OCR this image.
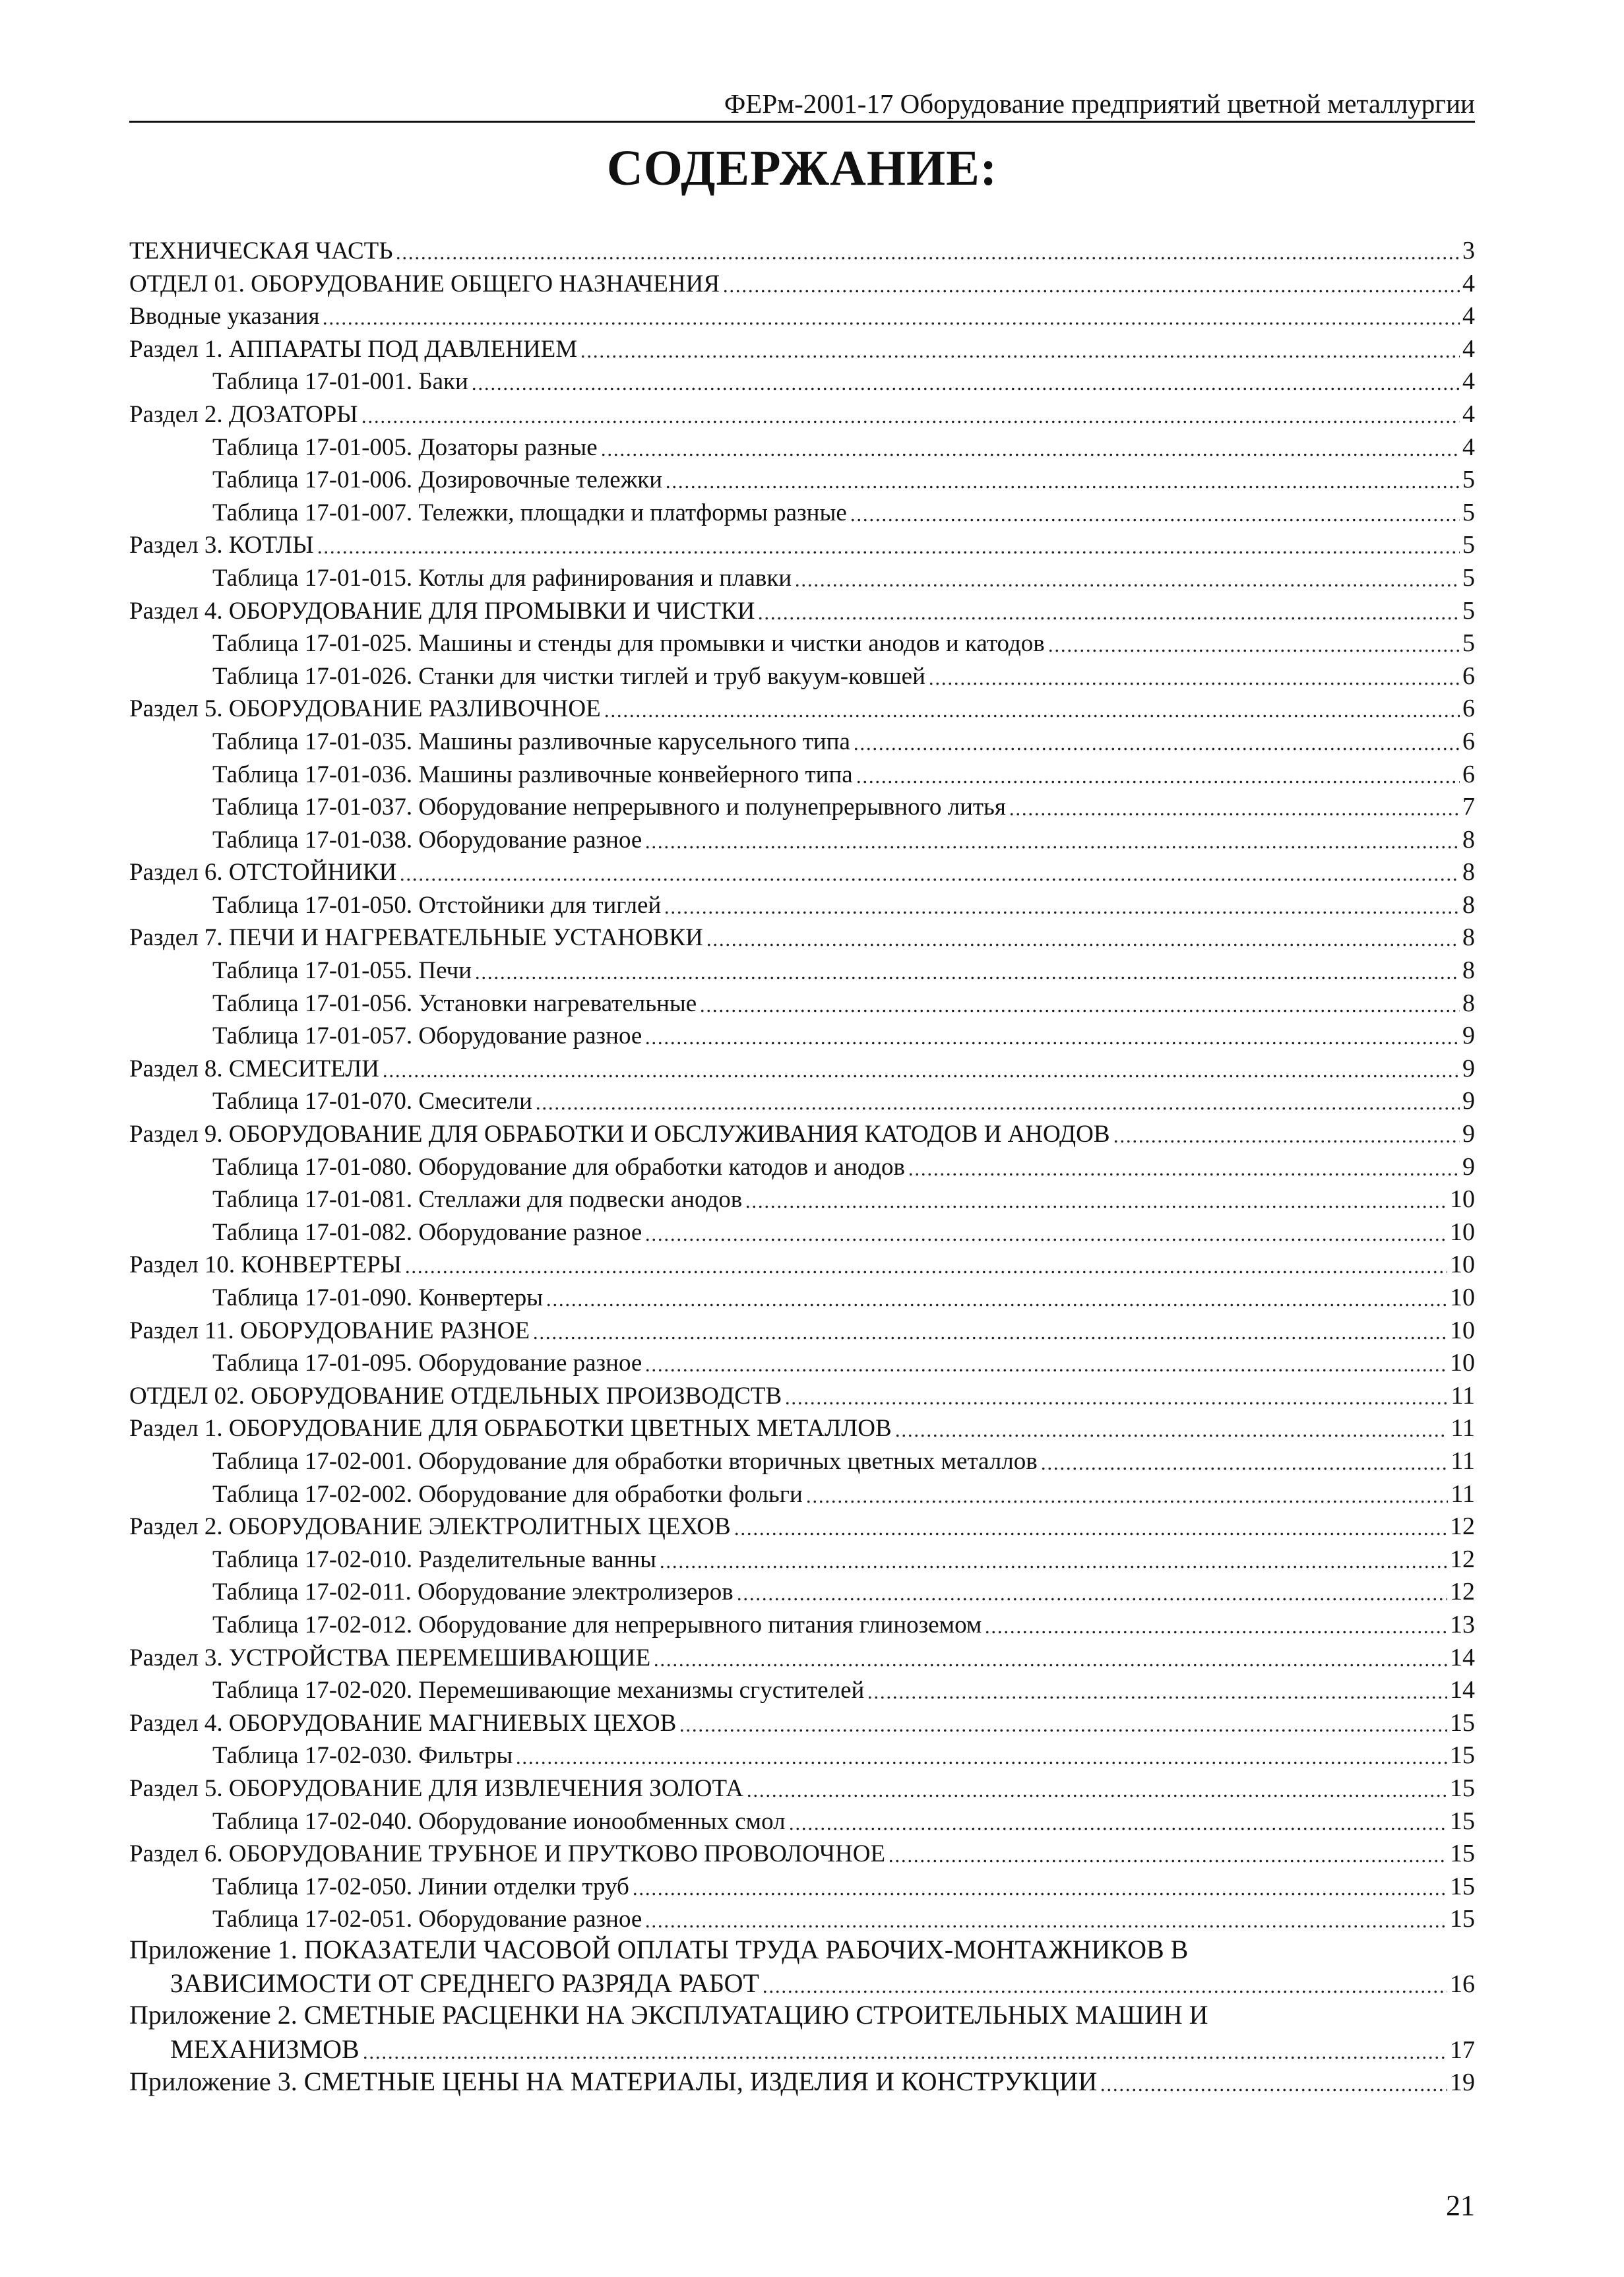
ФЕРм-2001-17 Оборудование предприятий цветной металлургии
СОДЕРЖАНИЕ:
ТЕХНИЧЕСКАЯ ЧАСТЬ	3
ОТДЕЛ 01. ОБОРУДОВАНИЕ ОБЩЕГО НАЗНАЧЕНИЯ	4
Вводные указания	4
Раздел 1. АППАРАТЫ ПОД ДАВЛЕНИЕМ	4
Таблица 17-01-001. Баки	4
Раздел 2. ДОЗАТОРЫ	4
Таблица 17-01-005. Дозаторы разные	4
Таблица 17-01-006. Дозировочные тележки	5
Таблица 17-01-007. Тележки, площадки и платформы разные	5
Раздел 3. КОТЛЫ	5
Таблица 17-01-015. Котлы для рафинирования и плавки	5
Раздел 4. ОБОРУДОВАНИЕ ДЛЯ ПРОМЫВКИ И ЧИСТКИ	5
Таблица 17-01-025. Машины и стенды для промывки и чистки анодов и катодов	5
Таблица 17-01-026. Станки для чистки тиглей и труб вакуум-ковшей	6
Раздел 5. ОБОРУДОВАНИЕ РАЗЛИВОЧНОЕ	6
Таблица 17-01-035. Машины разливочные карусельного типа	6
Таблица 17-01-036. Машины разливочные конвейерного типа	6
Таблица 17-01-037. Оборудование непрерывного и полунепрерывного литья	7
Таблица 17-01-038. Оборудование разное	8
Раздел 6. ОТСТОЙНИКИ	8
Таблица 17-01-050. Отстойники для тиглей	8
Раздел 7. ПЕЧИ И НАГРЕВАТЕЛЬНЫЕ УСТАНОВКИ	8
Таблица 17-01-055. Печи	8
Таблица 17-01-056. Установки нагревательные	8
Таблица 17-01-057. Оборудование разное	9
Раздел 8. СМЕСИТЕЛИ	9
Таблица 17-01-070. Смесители	9
Раздел 9. ОБОРУДОВАНИЕ ДЛЯ ОБРАБОТКИ И ОБСЛУЖИВАНИЯ КАТОДОВ И АНОДОВ	9
Таблица 17-01-080. Оборудование для обработки катодов и анодов	9
Таблица 17-01-081. Стеллажи для подвески анодов	10
Таблица 17-01-082. Оборудование разное	10
Раздел 10. КОНВЕРТЕРЫ	10
Таблица 17-01-090. Конвертеры	10
Раздел 11. ОБОРУДОВАНИЕ РАЗНОЕ	10
Таблица 17-01-095. Оборудование разное	10
ОТДЕЛ 02. ОБОРУДОВАНИЕ ОТДЕЛЬНЫХ ПРОИЗВОДСТВ	11
Раздел 1. ОБОРУДОВАНИЕ ДЛЯ ОБРАБОТКИ ЦВЕТНЫХ МЕТАЛЛОВ	11
Таблица 17-02-001. Оборудование для обработки вторичных цветных металлов	11
Таблица 17-02-002. Оборудование для обработки фольги	11
Раздел 2. ОБОРУДОВАНИЕ ЭЛЕКТРОЛИТНЫХ ЦЕХОВ	12
Таблица 17-02-010. Разделительные ванны	12
Таблица 17-02-011. Оборудование электролизеров	12
Таблица 17-02-012. Оборудование для непрерывного питания глиноземом	13
Раздел 3. УСТРОЙСТВА ПЕРЕМЕШИВАЮЩИЕ	14
Таблица 17-02-020. Перемешивающие механизмы сгустителей	14
Раздел 4. ОБОРУДОВАНИЕ МАГНИЕВЫХ ЦЕХОВ	15
Таблица 17-02-030. Фильтры	15
Раздел 5. ОБОРУДОВАНИЕ ДЛЯ ИЗВЛЕЧЕНИЯ ЗОЛОТА	15
Таблица 17-02-040. Оборудование ионообменных смол	15
Раздел 6. ОБОРУДОВАНИЕ ТРУБНОЕ И ПРУТКОВО ПРОВОЛОЧНОЕ	15
Таблица 17-02-050. Линии отделки труб	15
Таблица 17-02-051. Оборудование разное	15
Приложение 1. ПОКАЗАТЕЛИ ЧАСОВОЙ ОПЛАТЫ ТРУДА РАБОЧИХ-МОНТАЖНИКОВ В
ЗАВИСИМОСТИ ОТ СРЕДНЕГО РАЗРЯДА РАБОТ	16
Приложение 2. СМЕТНЫЕ РАСЦЕНКИ НА ЭКСПЛУАТАЦИЮ СТРОИТЕЛЬНЫХ МАШИН И
МЕХАНИЗМОВ	17
Приложение 3. СМЕТНЫЕ ЦЕНЫ НА МАТЕРИАЛЫ, ИЗДЕЛИЯ И КОНСТРУКЦИИ	19
21
